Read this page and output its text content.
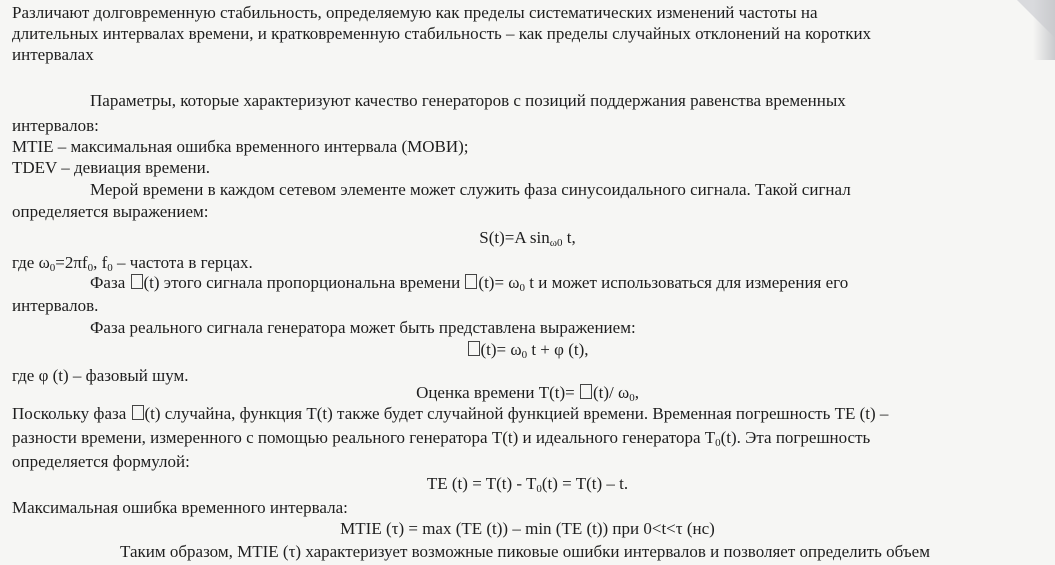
Различают долговременную стабильность, определяемую как пределы систематических изменений частоты на
длительных интервалах времени, и кратковременную стабильность – как пределы случайных отклонений на коротких
интервалах
Параметры, которые характеризуют качество генераторов с позиций поддержания равенства временных
интервалов:
MTIE – максимальная ошибка временного интервала (МОВИ);
TDEV – девиация времени.
Мерой времени в каждом сетевом элементе может служить фаза синусоидального сигнала. Такой сигнал
определяется выражением:
S(t)=A $\sin_{\omega 0} t$,
где $\omega_0=2\pi f_0$, $f_0$ – частота в герцах.
Фаза (t) этого сигнала пропорциональна времени $(t)= \omega_0$ t и может использоваться для измерения его
интервалов.
Фаза реального сигнала генератора может быть представлена выражением:
$(t)= \omega_0$ t + φ (t),
где φ (t) – фазовый шум.
Оценка времени T(t)= (t)/ $\omega_0$,
Поскольку фаза (t) случайна, функция T(t) также будет случайной функцией времени. Временная погрешность TE (t) –
разности времени, измеренного с помощью реального генератора T(t) и идеального генератора $T_0(t)$. Эта погрешность
определяется формулой:
TE $(t) = T(t) - T_0(t) = T(t) - t$.
Максимальная ошибка временного интервала:
MTIE (τ) = max (TE (t)) – min (TE (t)) при 0<t<τ (нс)
Таким образом, MTIE (τ) характеризует возможные пиковые ошибки интервалов и позволяет определить объем
